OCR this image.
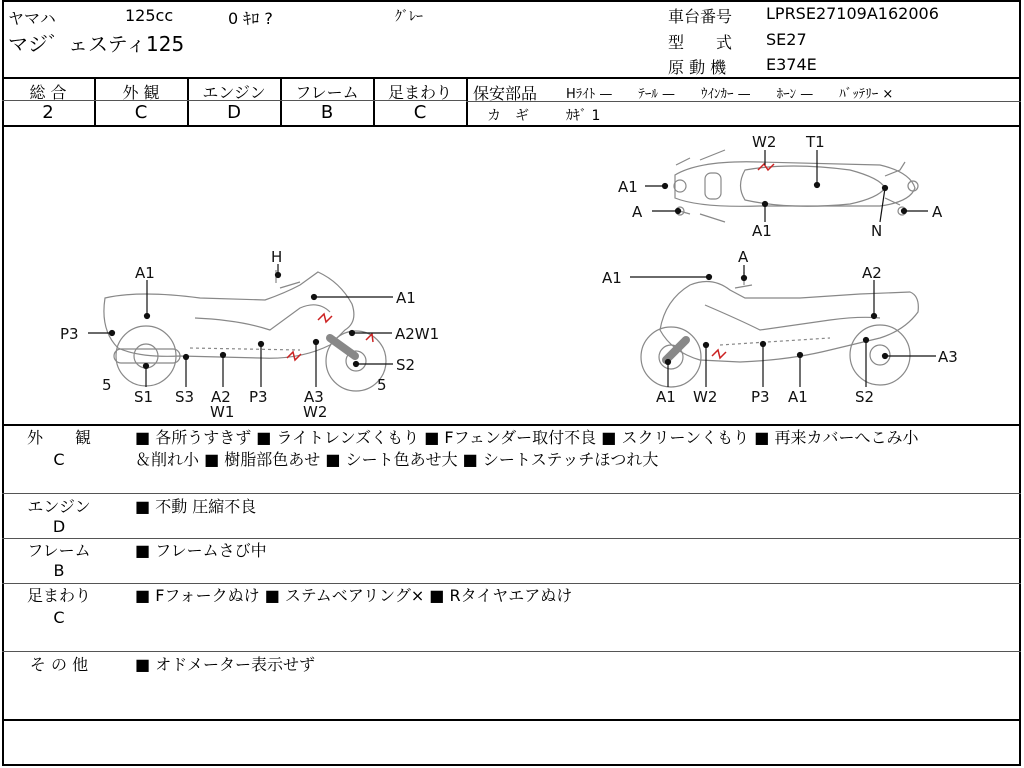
ヤマハ	125cc	0 ｷﾛ ?	ｸﾞﾚｰ
マジ゛ェスティ125
車台番号 LPRSE27109A162006
型　　式 SE27
原 動 機 E374E
総 合
2
外 観
C
エンジン
D
フレーム
B
足まわり
C
保安部品 Hﾗｲﾄ —　　ﾃｰﾙ —　　ｳｲﾝｶｰ —　　ﾎｰﾝ —　　ﾊﾞｯﾃﾘｰ ×
カ　ギ	ｶｷﾞ 1
W2 T1
A1
A
A1	N
A
H
A1
A1
P3	A2W1
S2
5	5
S1 S3 A2
W1
P3 A3
W2
A1
A
A2
A3
A1 W2 P3 A1	S2
外　　観
C
■ 各所うすきず ■ ライトレンズくもり ■ Fフェンダー取付不良 ■ スクリーンくもり ■ 再来カバーへこみ小
＆削れ小 ■ 樹脂部色あせ ■ シート色あせ大 ■ シートステッチほつれ大
エンジン
D
■ 不動 圧縮不良
フレーム
B
■ フレームさび中
足まわり
C
■ Fフォークぬけ ■ ステムベアリング× ■ Rタイヤエアぬけ
そ の 他	■ オドメーター表示せず
